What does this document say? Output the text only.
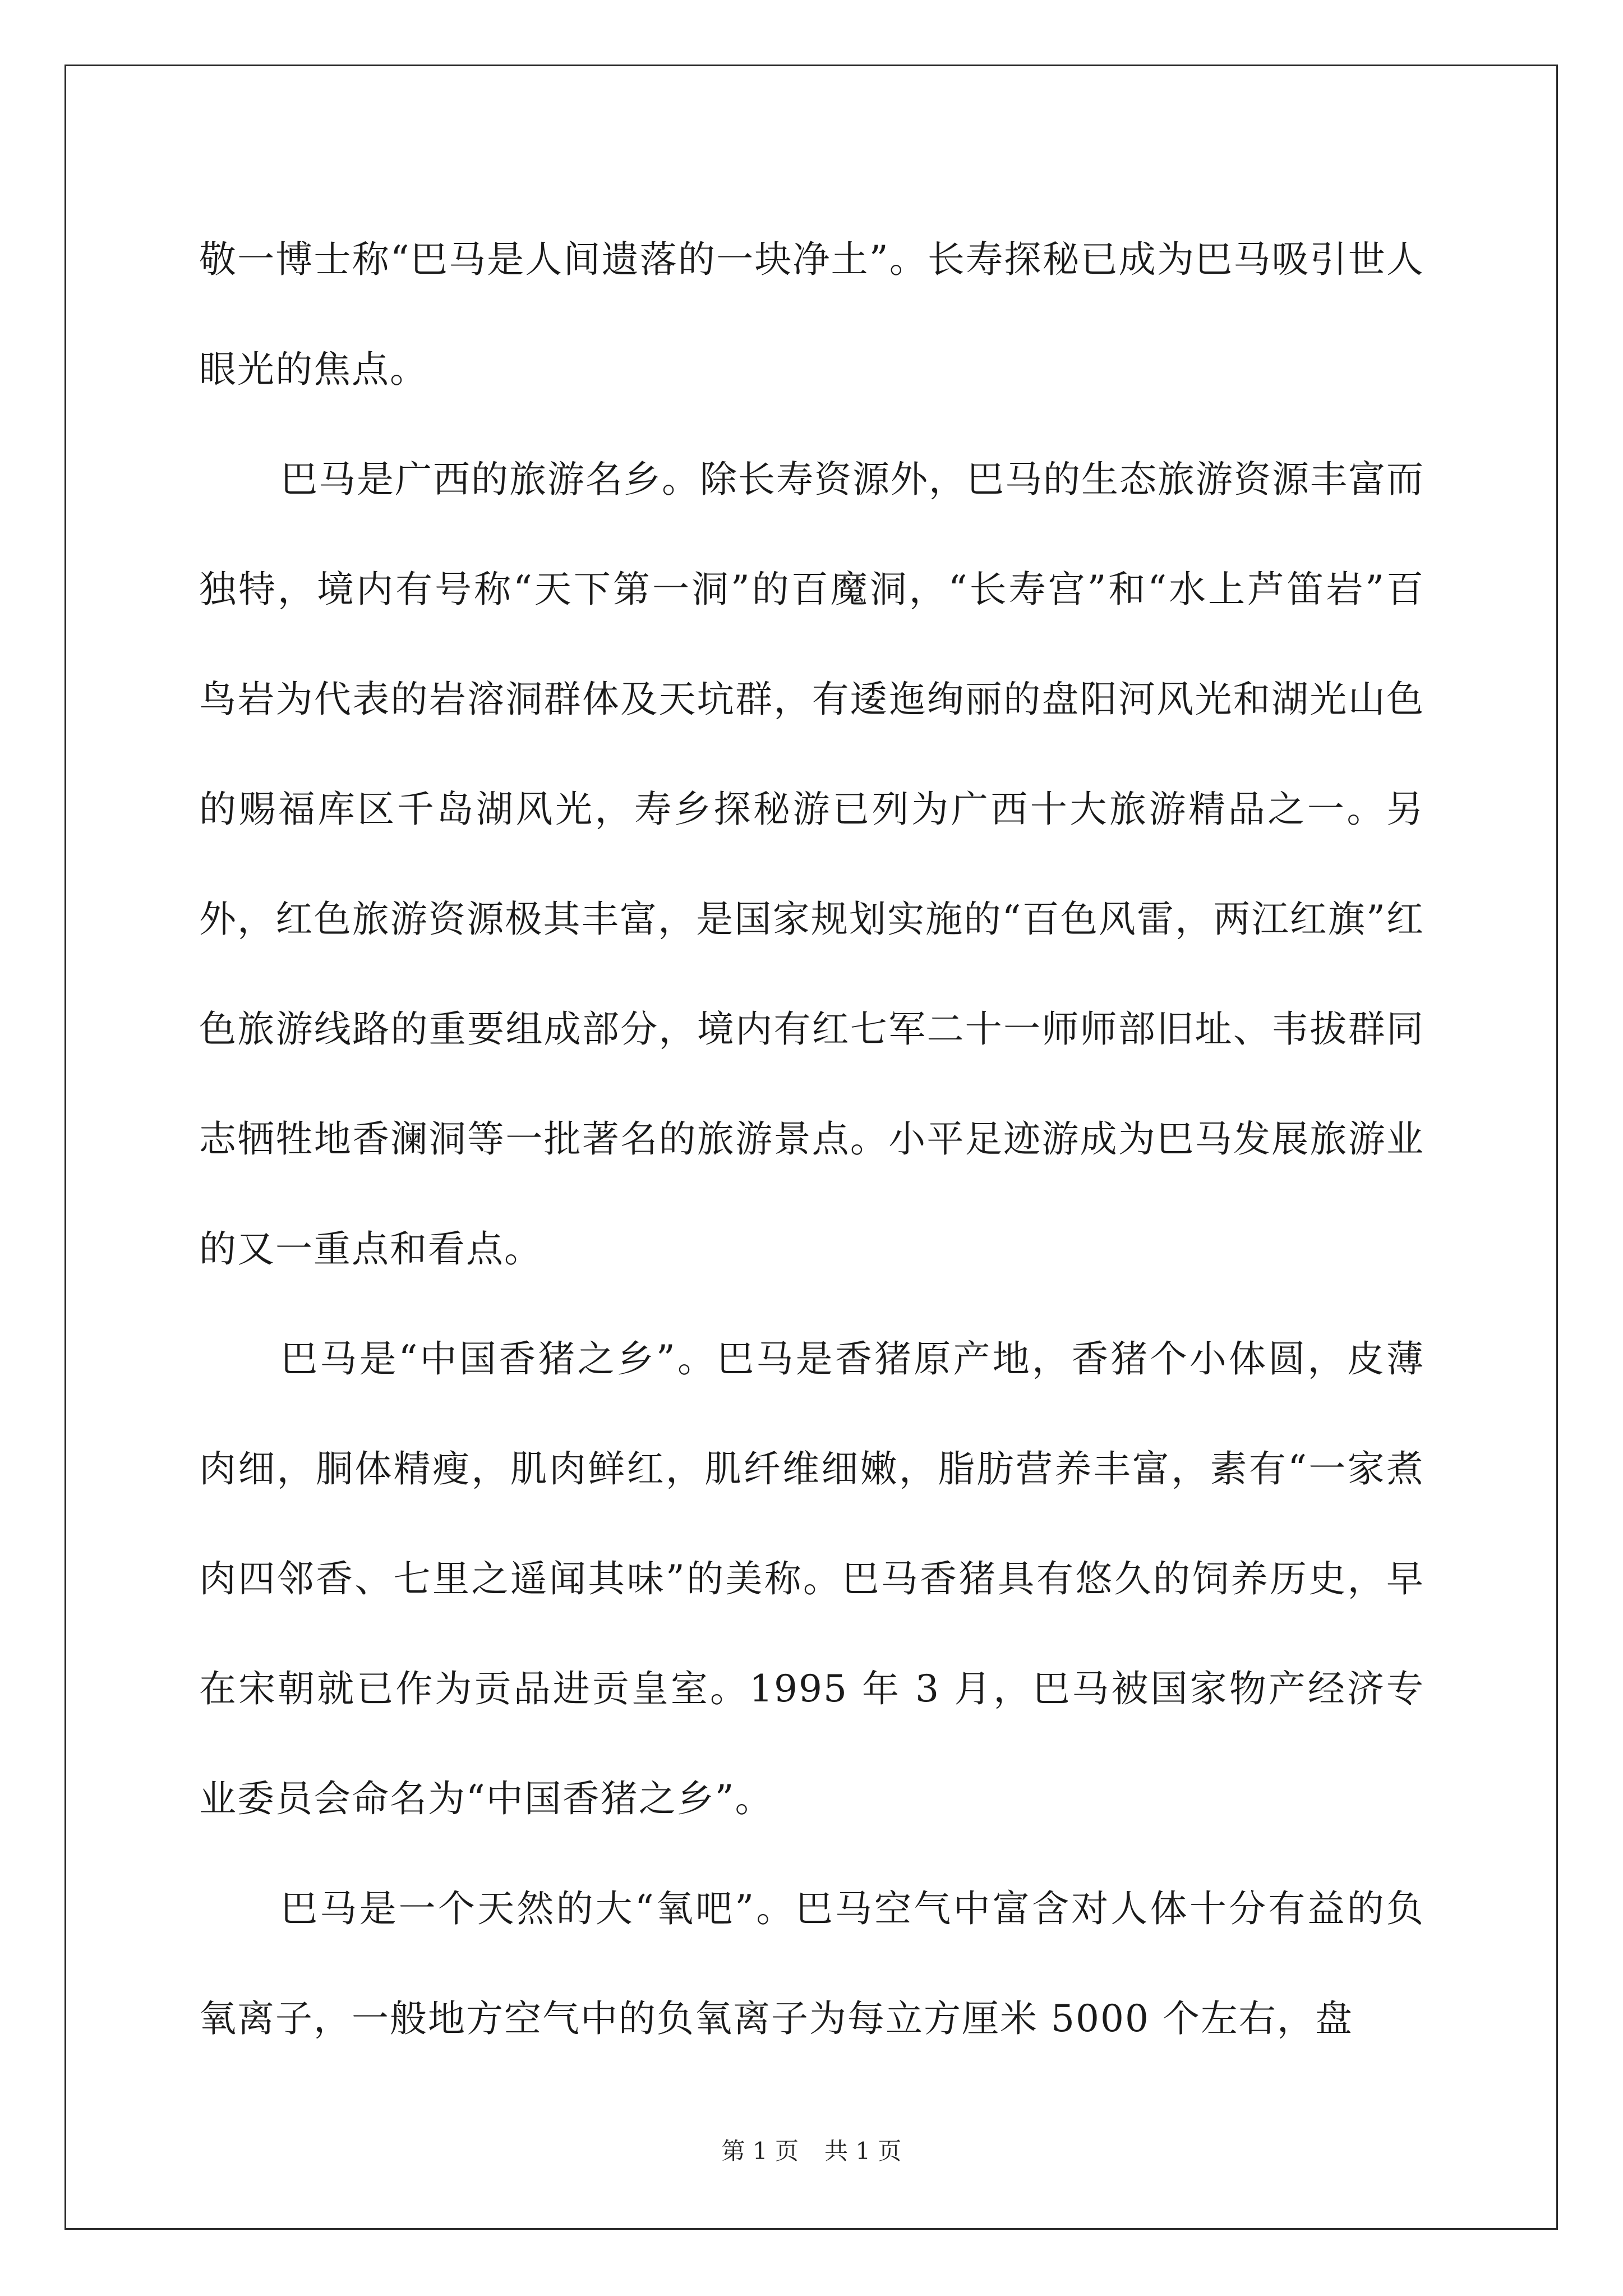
敬一博士称“巴马是人间遗落的一块净土”。长寿探秘已成为巴马吸引世人眼光的焦点。

巴马是广西的旅游名乡。除长寿资源外，巴马的生态旅游资源丰富而独特，境内有号称“天下第一洞”的百魔洞，“长寿宫”和“水上芦笛岩”百鸟岩为代表的岩溶洞群体及天坑群，有逶迤绚丽的盘阳河风光和湖光山色的赐福库区千岛湖风光，寿乡探秘游已列为广西十大旅游精品之一。另外，红色旅游资源极其丰富，是国家规划实施的“百色风雷，两江红旗”红色旅游线路的重要组成部分，境内有红七军二十一师师部旧址、韦拔群同志牺牲地香澜洞等一批著名的旅游景点。小平足迹游成为巴马发展旅游业的又一重点和看点。

巴马是“中国香猪之乡”。巴马是香猪原产地，香猪个小体圆，皮薄肉细，胴体精瘦，肌肉鲜红，肌纤维细嫩，脂肪营养丰富，素有“一家煮肉四邻香、七里之遥闻其味”的美称。巴马香猪具有悠久的饲养历史，早在宋朝就已作为贡品进贡皇室。1995 年 3 月，巴马被国家物产经济专业委员会命名为“中国香猪之乡”。

巴马是一个天然的大“氧吧”。巴马空气中富含对人体十分有益的负氧离子，一般地方空气中的负氧离子为每立方厘米 5000 个左右，盘

第 1 页 共 1 页
